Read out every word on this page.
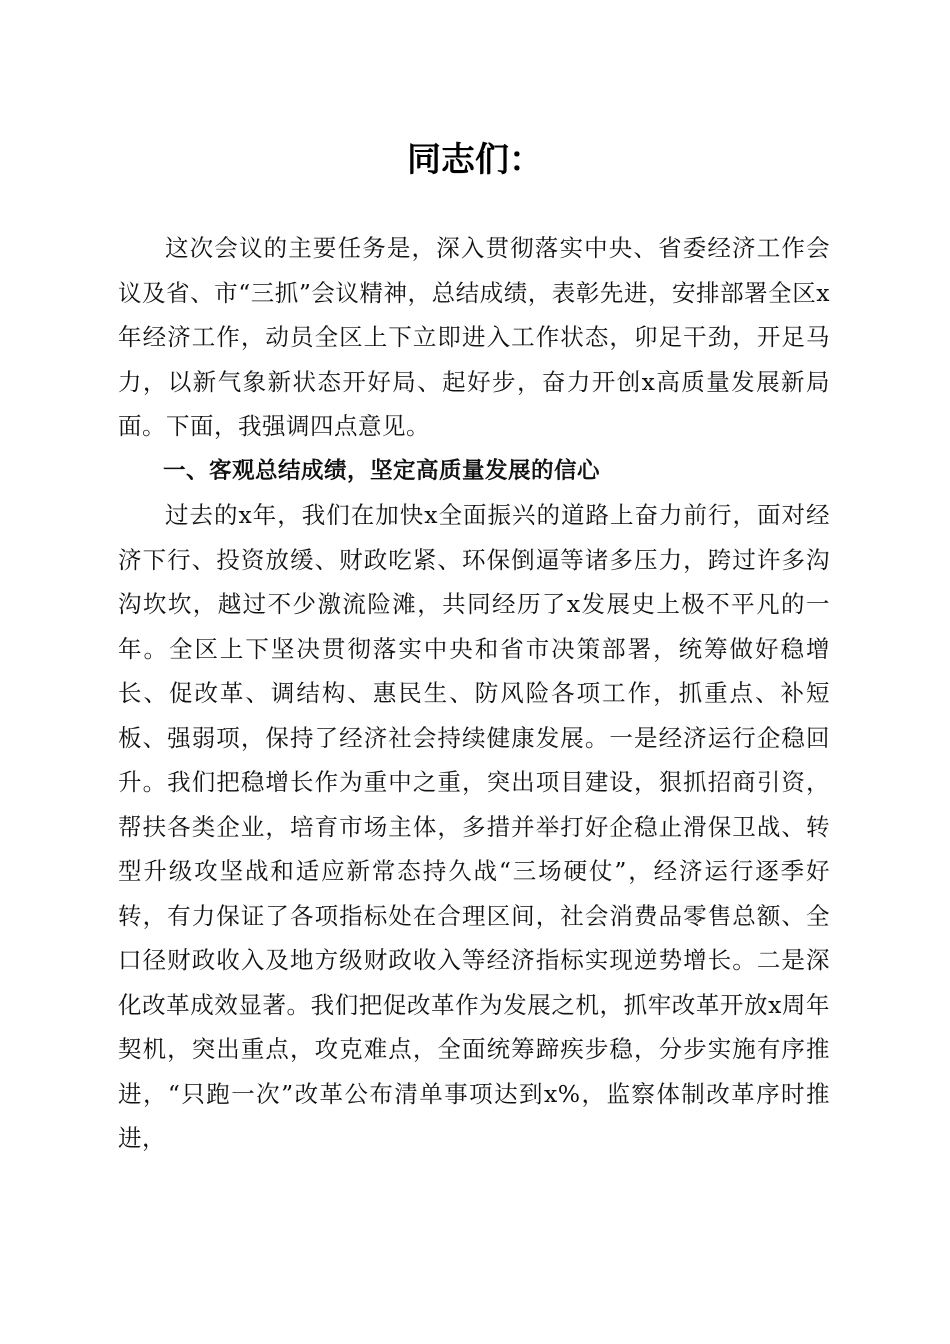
同志们：

这次会议的主要任务是，深入贯彻落实中央、省委经济工作会议及省、市“三抓”会议精神，总结成绩，表彰先进，安排部署全区x年经济工作，动员全区上下立即进入工作状态，卯足干劲，开足马力，以新气象新状态开好局、起好步，奋力开创x高质量发展新局面。下面，我强调四点意见。

一、客观总结成绩，坚定高质量发展的信心

过去的x年，我们在加快x全面振兴的道路上奋力前行，面对经济下行、投资放缓、财政吃紧、环保倒逼等诸多压力，跨过许多沟沟坎坎，越过不少激流险滩，共同经历了x发展史上极不平凡的一年。全区上下坚决贯彻落实中央和省市决策部署，统筹做好稳增长、促改革、调结构、惠民生、防风险各项工作，抓重点、补短板、强弱项，保持了经济社会持续健康发展。一是经济运行企稳回升。我们把稳增长作为重中之重，突出项目建设，狠抓招商引资，帮扶各类企业，培育市场主体，多措并举打好企稳止滑保卫战、转型升级攻坚战和适应新常态持久战“三场硬仗”，经济运行逐季好转，有力保证了各项指标处在合理区间，社会消费品零售总额、全口径财政收入及地方级财政收入等经济指标实现逆势增长。二是深化改革成效显著。我们把促改革作为发展之机，抓牢改革开放x周年契机，突出重点，攻克难点，全面统筹蹄疾步稳，分步实施有序推进，“只跑一次”改革公布清单事项达到x%，监察体制改革序时推进，
